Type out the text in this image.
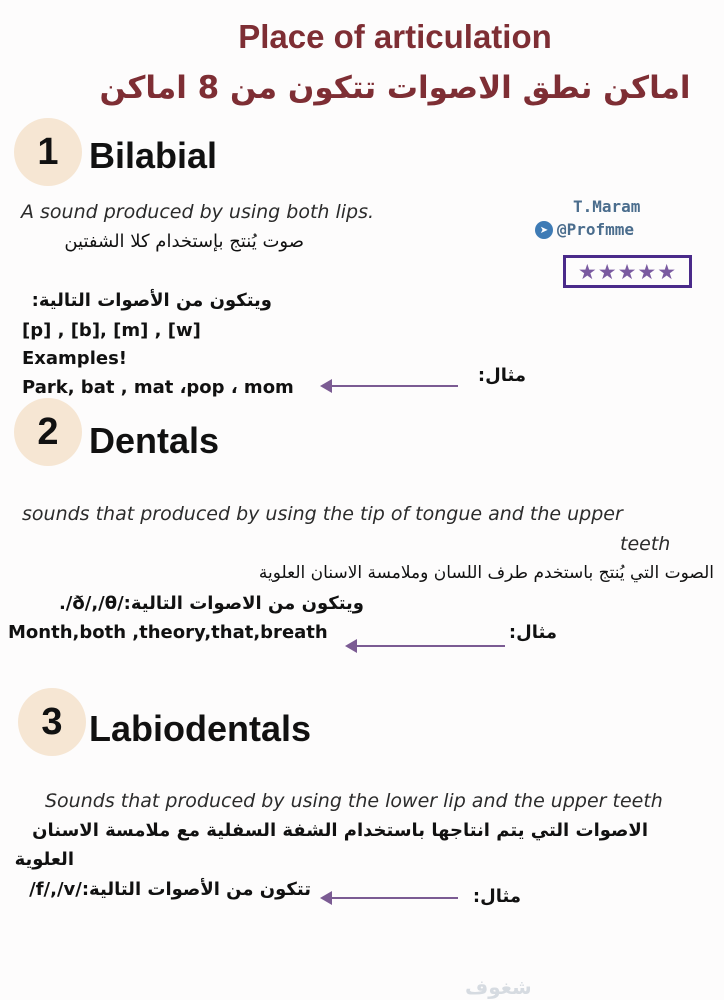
Place of articulation
اماكن نطق الاصوات تتكون من 8 اماكن
1 Bilabial
A sound produced by using both lips.
صوت يُنتج بإستخدام كلا الشفتين
T.Maram
➤ @Profmme
★★★★★
ويتكون من الأصوات التالية:
[p] , [b], [m] , [w]
Examples!
Park, bat , mat ،pop ، mom
مثال:
2 Dentals
sounds that produced by using the tip of tongue and the upper
teeth
الصوت التي يُنتج باستخدم طرف اللسان وملامسة الاسنان العلوية
ويتكون من الاصوات التالية:/ð/,/θ/.
Month,both ,theory,that,breath	مثال:
3 Labiodentals
Sounds that produced by using the lower lip and the upper teeth
الاصوات التي يتم انتاجها باستخدام الشفة السفلية مع ملامسة الاسنان
العلوية
تتكون من الأصوات التالية:/f/,/v/	مثال:
شغوف
